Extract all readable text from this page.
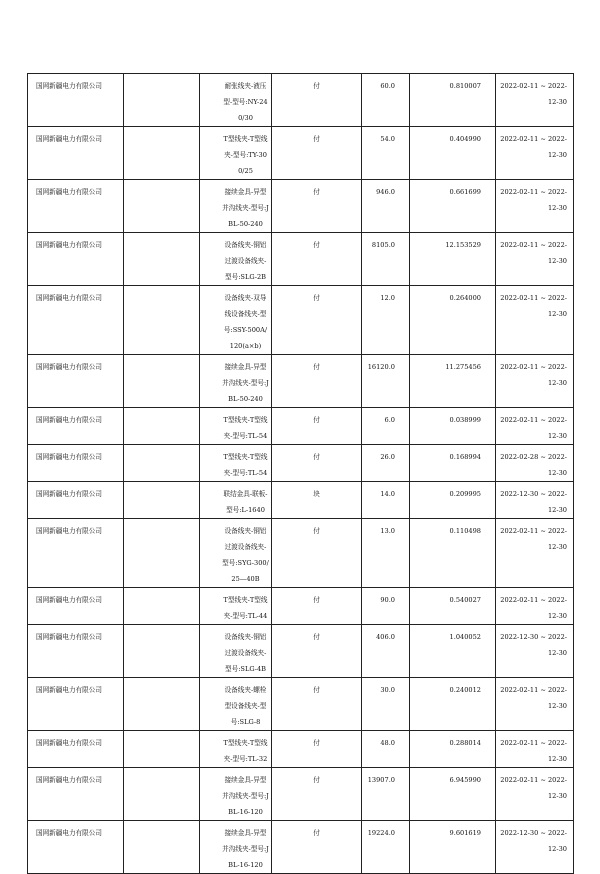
国网新疆电力有限公司		耐张线夹-液压型-型号:NY-240/30	付	60.0	0.810007	2022-02-11 ~ 2022-12-30
国网新疆电力有限公司		T型线夹-T型线夹-型号:TY-300/25	付	54.0	0.404990	2022-02-11 ~ 2022-12-30
国网新疆电力有限公司		接续金具-异型并沟线夹-型号:JBL-50-240	付	946.0	0.661699	2022-02-11 ~ 2022-12-30
国网新疆电力有限公司		设备线夹-铜铝过渡设备线夹-型号:SLG-2B	付	8105.0	12.153529	2022-02-11 ~ 2022-12-30
国网新疆电力有限公司		设备线夹-双导线设备线夹-型号:SSY-500A/120(a×b)	付	12.0	0.264000	2022-02-11 ~ 2022-12-30
国网新疆电力有限公司		接续金具-异型并沟线夹-型号:JBL-50-240	付	16120.0	11.275456	2022-02-11 ~ 2022-12-30
国网新疆电力有限公司		T型线夹-T型线夹-型号:TL-54	付	6.0	0.038999	2022-02-11 ~ 2022-12-30
国网新疆电力有限公司		T型线夹-T型线夹-型号:TL-54	付	26.0	0.168994	2022-02-28 ~ 2022-12-30
国网新疆电力有限公司		联结金具-联板-型号:L-1640	块	14.0	0.209995	2022-12-30 ~ 2022-12-30
国网新疆电力有限公司		设备线夹-铜铝过渡设备线夹-型号:SYG-300/25—40B	付	13.0	0.110498	2022-02-11 ~ 2022-12-30
国网新疆电力有限公司		T型线夹-T型线夹-型号:TL-44	付	90.0	0.540027	2022-02-11 ~ 2022-12-30
国网新疆电力有限公司		设备线夹-铜铝过渡设备线夹-型号:SLG-4B	付	406.0	1.040052	2022-12-30 ~ 2022-12-30
国网新疆电力有限公司		设备线夹-螺栓型设备线夹-型号:SLG-8	付	30.0	0.240012	2022-02-11 ~ 2022-12-30
国网新疆电力有限公司		T型线夹-T型线夹-型号:TL-32	付	48.0	0.288014	2022-02-11 ~ 2022-12-30
国网新疆电力有限公司		接续金具-异型并沟线夹-型号:JBL-16-120	付	13907.0	6.945990	2022-02-11 ~ 2022-12-30
国网新疆电力有限公司		接续金具-异型并沟线夹-型号:JBL-16-120	付	19224.0	9.601619	2022-12-30 ~ 2022-12-30
